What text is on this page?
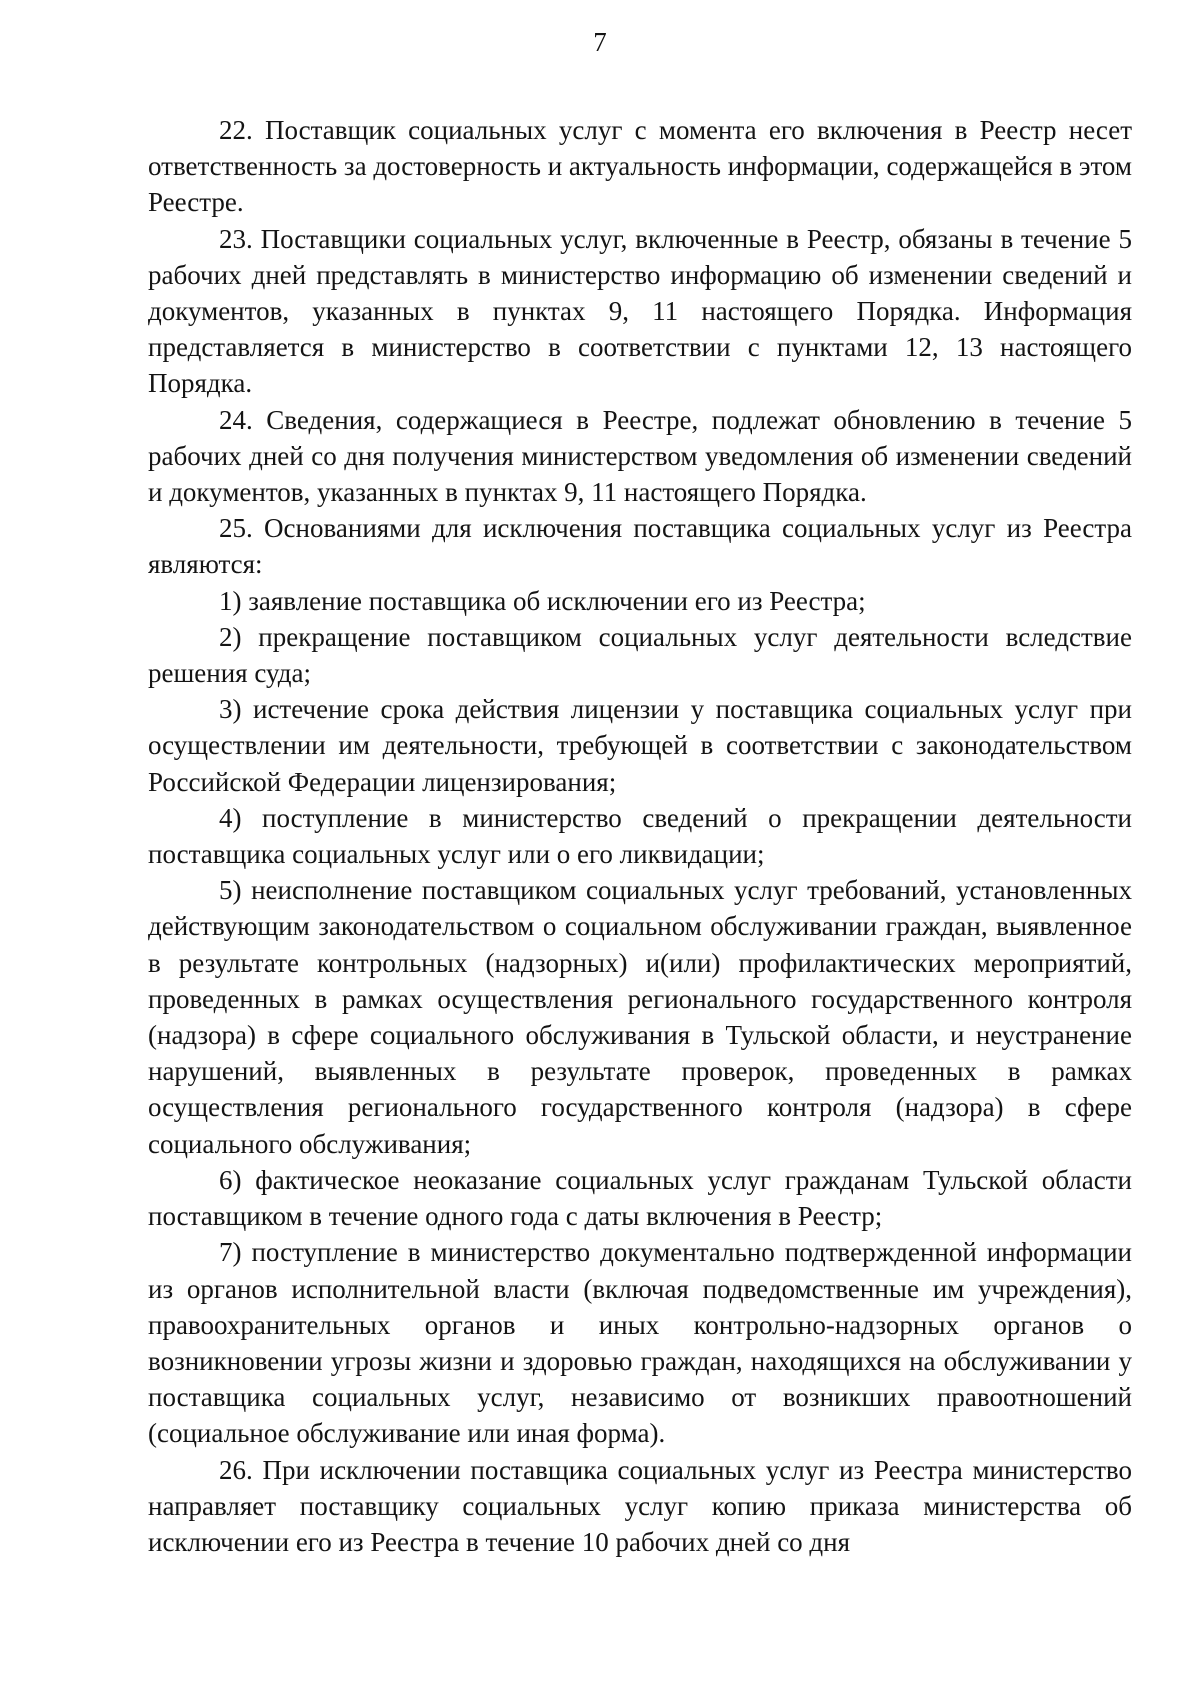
7

22. Поставщик социальных услуг с момента его включения в Реестр несет ответственность за достоверность и актуальность информации, содержащейся в этом Реестре.

23. Поставщики социальных услуг, включенные в Реестр, обязаны в течение 5 рабочих дней представлять в министерство информацию об изменении сведений и документов, указанных в пунктах 9, 11 настоящего Порядка. Информация представляется в министерство в соответствии с пунктами 12, 13 настоящего Порядка.

24. Сведения, содержащиеся в Реестре, подлежат обновлению в течение 5 рабочих дней со дня получения министерством уведомления об изменении сведений и документов, указанных в пунктах 9, 11 настоящего Порядка.

25. Основаниями для исключения поставщика социальных услуг из Реестра являются:

1) заявление поставщика об исключении его из Реестра;

2) прекращение поставщиком социальных услуг деятельности вследствие решения суда;

3) истечение срока действия лицензии у поставщика социальных услуг при осуществлении им деятельности, требующей в соответствии с законодательством Российской Федерации лицензирования;

4) поступление в министерство сведений о прекращении деятельности поставщика социальных услуг или о его ликвидации;

5) неисполнение поставщиком социальных услуг требований, установленных действующим законодательством о социальном обслуживании граждан, выявленное в результате контрольных (надзорных) и(или) профилактических мероприятий, проведенных в рамках осуществления регионального государственного контроля (надзора) в сфере социального обслуживания в Тульской области, и неустранение нарушений, выявленных в результате проверок, проведенных в рамках осуществления регионального государственного контроля (надзора) в сфере социального обслуживания;

6) фактическое неоказание социальных услуг гражданам Тульской области поставщиком в течение одного года с даты включения в Реестр;

7) поступление в министерство документально подтвержденной информации из органов исполнительной власти (включая подведомственные им учреждения), правоохранительных органов и иных контрольно-надзорных органов о возникновении угрозы жизни и здоровью граждан, находящихся на обслуживании у поставщика социальных услуг, независимо от возникших правоотношений (социальное обслуживание или иная форма).

26. При исключении поставщика социальных услуг из Реестра министерство направляет поставщику социальных услуг копию приказа министерства об исключении его из Реестра в течение 10 рабочих дней со дня
